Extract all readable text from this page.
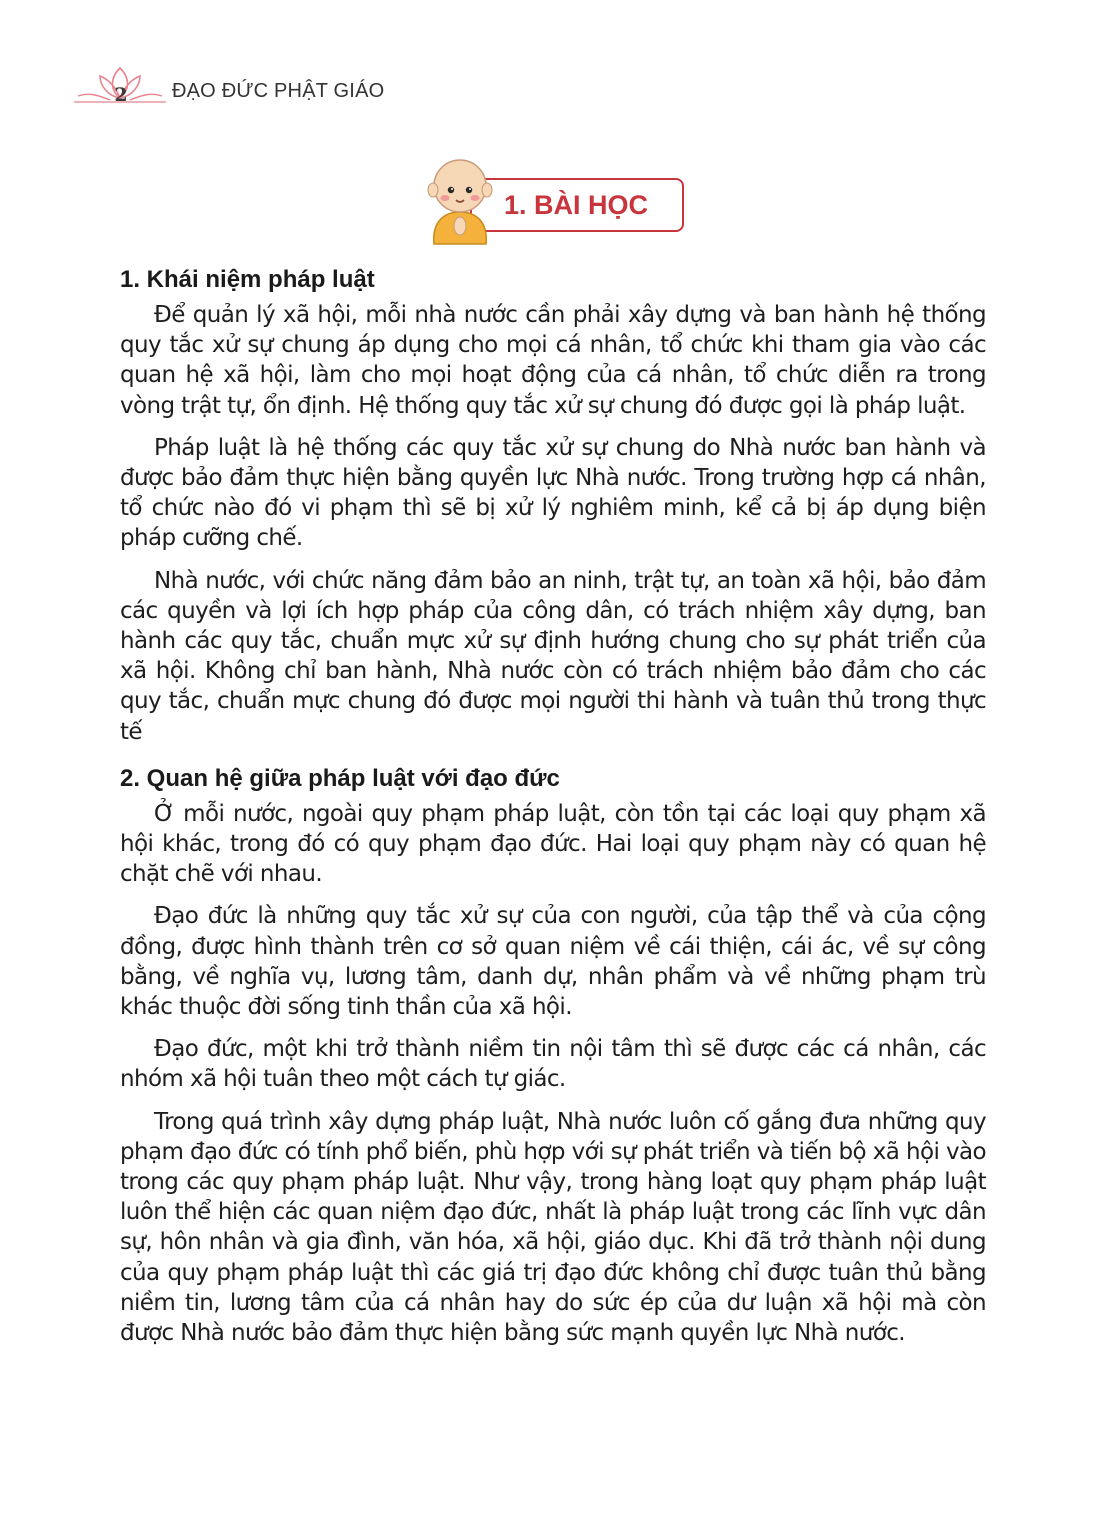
2 ĐẠO ĐỨC PHẬT GIÁO
1. BÀI HỌC
1. Khái niệm pháp luật

Để quản lý xã hội, mỗi nhà nước cần phải xây dựng và ban hành hệ thống quy tắc xử sự chung áp dụng cho mọi cá nhân, tổ chức khi tham gia vào các quan hệ xã hội, làm cho mọi hoạt động của cá nhân, tổ chức diễn ra trong vòng trật tự, ổn định. Hệ thống quy tắc xử sự chung đó được gọi là pháp luật.

Pháp luật là hệ thống các quy tắc xử sự chung do Nhà nước ban hành và được bảo đảm thực hiện bằng quyền lực Nhà nước. Trong trường hợp cá nhân, tổ chức nào đó vi phạm thì sẽ bị xử lý nghiêm minh, kể cả bị áp dụng biện pháp cưỡng chế.

Nhà nước, với chức năng đảm bảo an ninh, trật tự, an toàn xã hội, bảo đảm các quyền và lợi ích hợp pháp của công dân, có trách nhiệm xây dựng, ban hành các quy tắc, chuẩn mực xử sự định hướng chung cho sự phát triển của xã hội. Không chỉ ban hành, Nhà nước còn có trách nhiệm bảo đảm cho các quy tắc, chuẩn mực chung đó được mọi người thi hành và tuân thủ trong thực tế

2. Quan hệ giữa pháp luật với đạo đức

Ở mỗi nước, ngoài quy phạm pháp luật, còn tồn tại các loại quy phạm xã hội khác, trong đó có quy phạm đạo đức. Hai loại quy phạm này có quan hệ chặt chẽ với nhau.

Đạo đức là những quy tắc xử sự của con người, của tập thể và của cộng đồng, được hình thành trên cơ sở quan niệm về cái thiện, cái ác, về sự công bằng, về nghĩa vụ, lương tâm, danh dự, nhân phẩm và về những phạm trù khác thuộc đời sống tinh thần của xã hội.

Đạo đức, một khi trở thành niềm tin nội tâm thì sẽ được các cá nhân, các nhóm xã hội tuân theo một cách tự giác.

Trong quá trình xây dựng pháp luật, Nhà nước luôn cố gắng đưa những quy phạm đạo đức có tính phổ biến, phù hợp với sự phát triển và tiến bộ xã hội vào trong các quy phạm pháp luật. Như vậy, trong hàng loạt quy phạm pháp luật luôn thể hiện các quan niệm đạo đức, nhất là pháp luật trong các lĩnh vực dân sự, hôn nhân và gia đình, văn hóa, xã hội, giáo dục. Khi đã trở thành nội dung của quy phạm pháp luật thì các giá trị đạo đức không chỉ được tuân thủ bằng niềm tin, lương tâm của cá nhân hay do sức ép của dư luận xã hội mà còn được Nhà nước bảo đảm thực hiện bằng sức mạnh quyền lực Nhà nước.
